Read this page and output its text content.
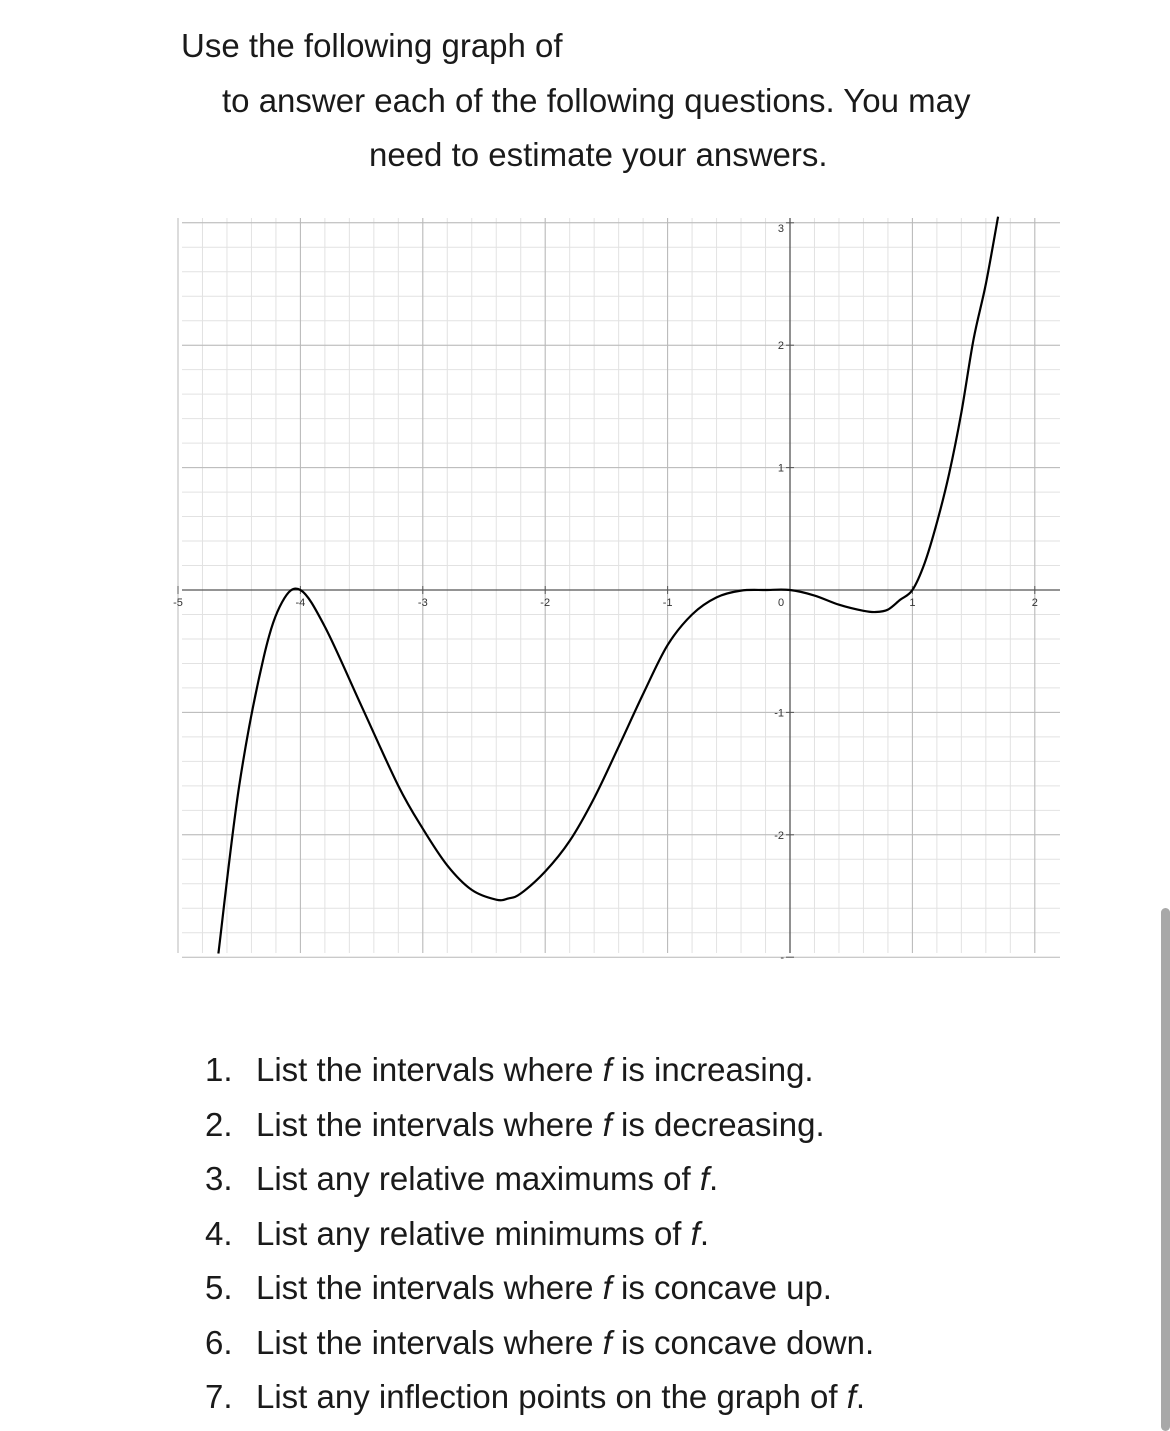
Use the following graph of
to answer each of the following questions. You may
need to estimate your answers.
-5	-4	-3	-2	-1	0	1	2
3
2
1
-1
-2
-
1. List the intervals where f is increasing.
2. List the intervals where f is decreasing.
3. List any relative maximums of f.
4. List any relative minimums of f.
5. List the intervals where f is concave up.
6. List the intervals where f is concave down.
7. List any inflection points on the graph of f.
